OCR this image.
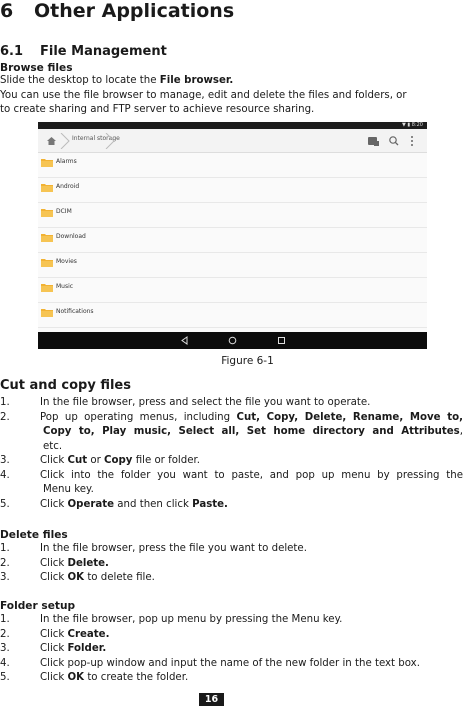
6 Other Applications
6.1 File Management
Browse files
Slide the desktop to locate the File browser.
You can use the file browser to manage, edit and delete the files and folders, or
to create sharing and FTP server to achieve resource sharing.
▼ ▮ 8:20
Internal storage
Alarms
Android
DCIM
Download
Movies
Music
Notifications
Figure 6-1
Cut and copy files
1.	In the file browser, press and select the file you want to operate.
2.	Pop up operating menus, including Cut, Copy, Delete, Rename, Move to,
Copy to, Play music, Select all, Set home directory and Attributes,
etc.
3.	Click Cut or Copy file or folder.
4.	Click into the folder you want to paste, and pop up menu by pressing the
Menu key.
5.	Click Operate and then click Paste.
Delete files
1.	In the file browser, press the file you want to delete.
2.	Click Delete.
3.	Click OK to delete file.
Folder setup
1.	In the file browser, pop up menu by pressing the Menu key.
2.	Click Create.
3.	Click Folder.
4.	Click pop-up window and input the name of the new folder in the text box.
5.	Click OK to create the folder.
16
